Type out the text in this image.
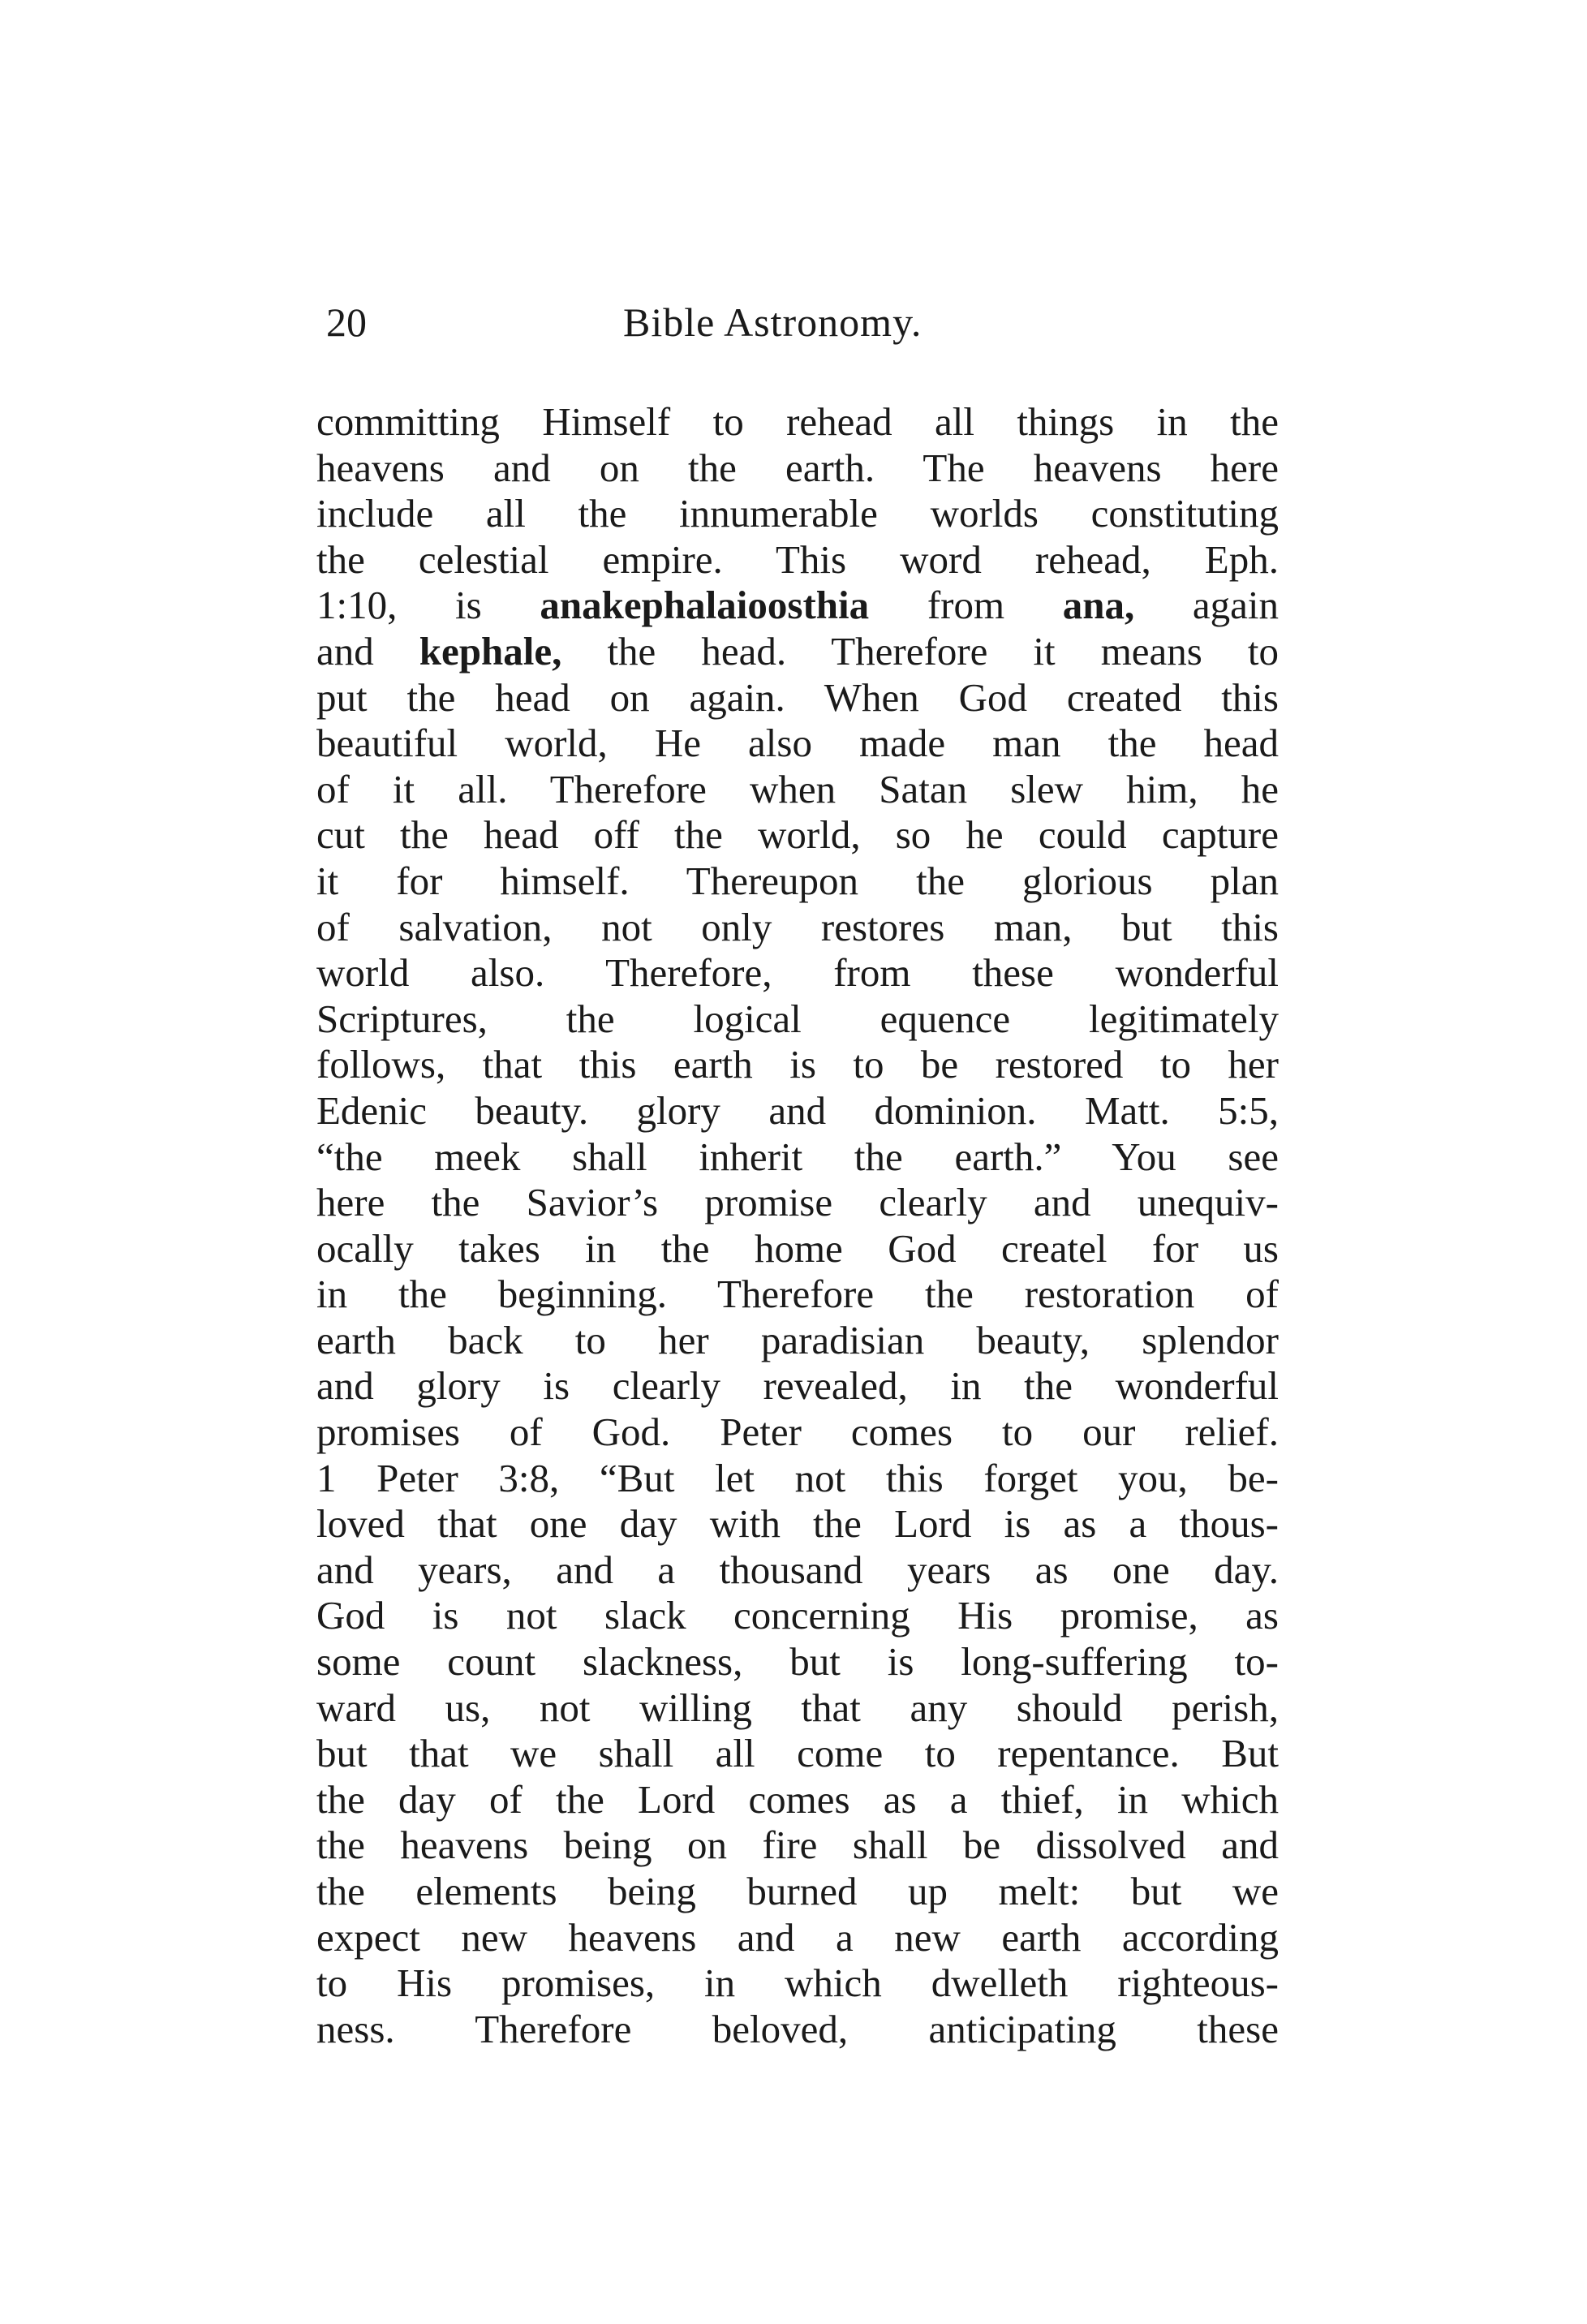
20	Bible Astronomy.
committing Himself to rehead all things in the
heavens and on the earth. The heavens here
include all the innumerable worlds constituting
the celestial empire. This word rehead, Eph.
1:10, is anakephalaioosthia from ana, again
and kephale, the head. Therefore it means to
put the head on again. When God created this
beautiful world, He also made man the head
of it all. Therefore when Satan slew him, he
cut the head off the world, so he could capture
it for himself. Thereupon the glorious plan
of salvation, not only restores man, but this
world also. Therefore, from these wonderful
Scriptures, the logical equence legitimately
follows, that this earth is to be restored to her
Edenic beauty. glory and dominion. Matt. 5:5,
“the meek shall inherit the earth.” You see
here the Savior’s promise clearly and unequiv-
ocally takes in the home God createl for us
in the beginning. Therefore the restoration of
earth back to her paradisian beauty, splendor
and glory is clearly revealed, in the wonderful
promises of God. Peter comes to our relief.
1 Peter 3:8, “But let not this forget you, be-
loved that one day with the Lord is as a thous-
and years, and a thousand years as one day.
God is not slack concerning His promise, as
some count slackness, but is long-suffering to-
ward us, not willing that any should perish,
but that we shall all come to repentance. But
the day of the Lord comes as a thief, in which
the heavens being on fire shall be dissolved and
the elements being burned up melt: but we
expect new heavens and a new earth according
to His promises, in which dwelleth righteous-
ness. Therefore beloved, anticipating these
